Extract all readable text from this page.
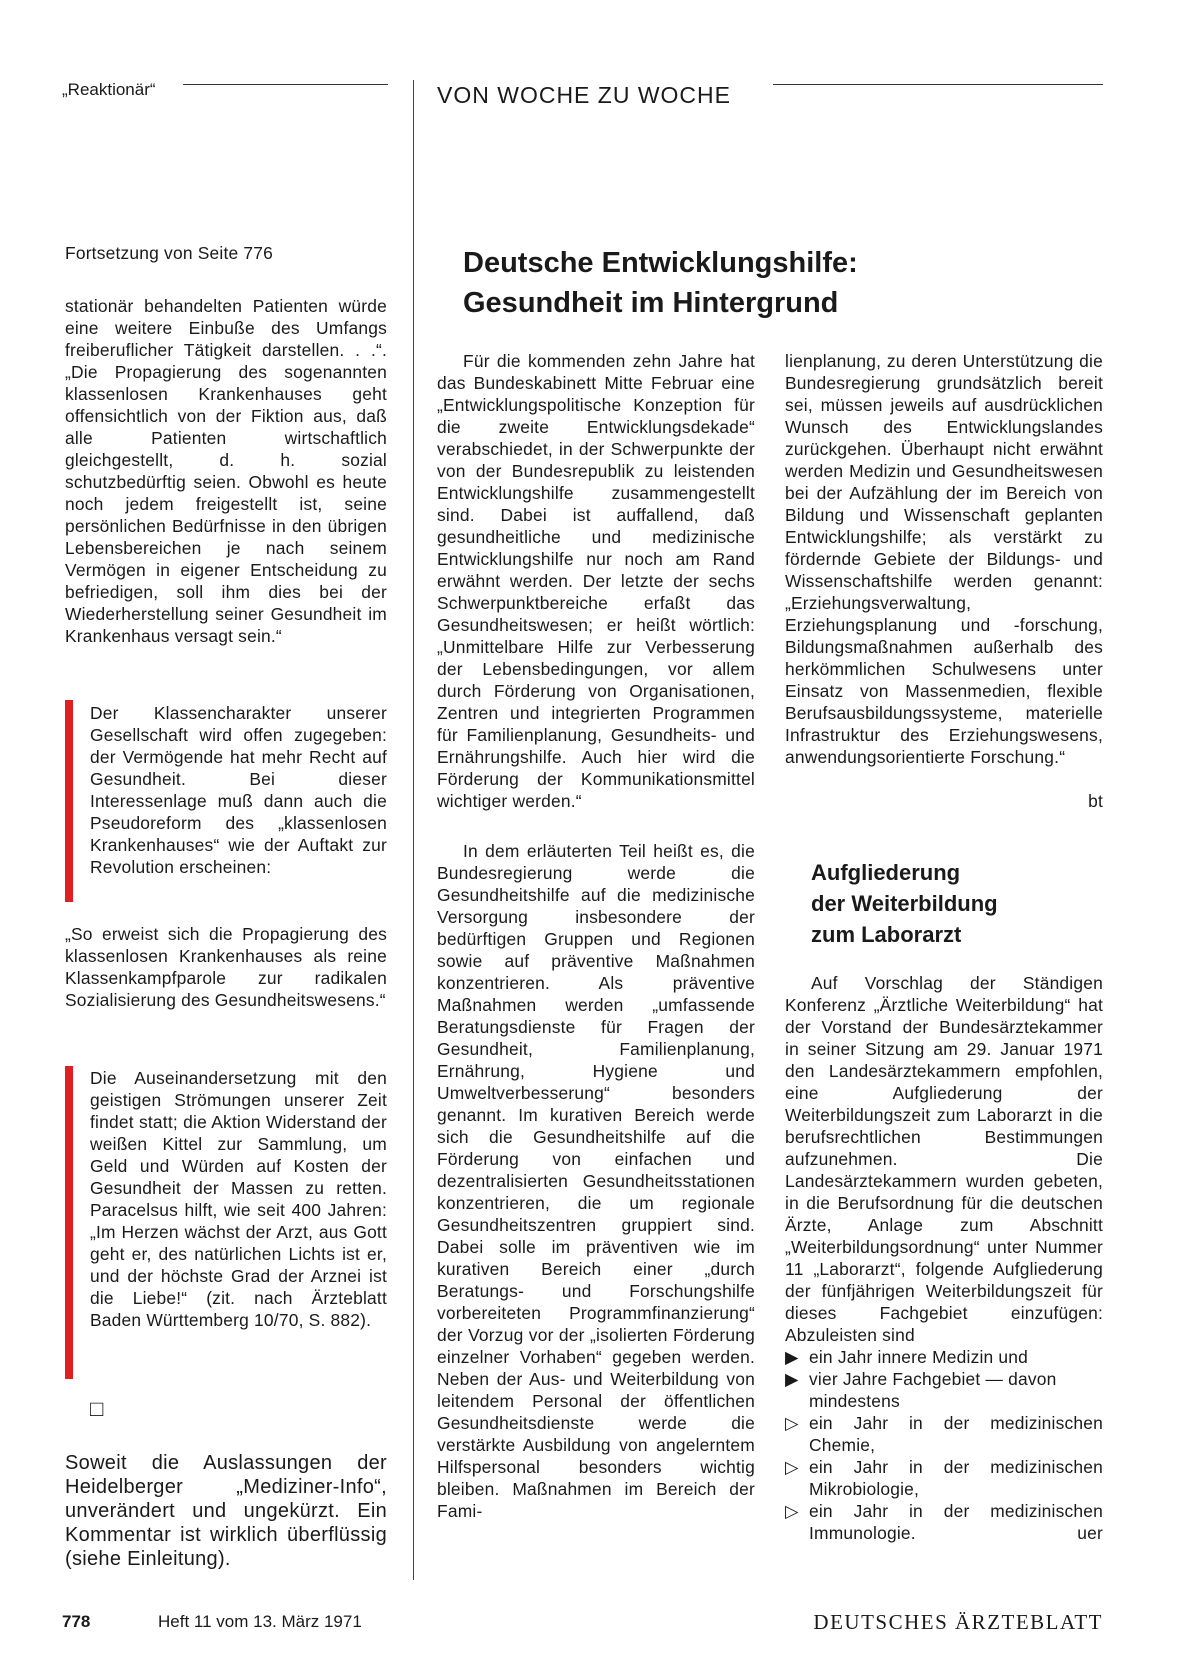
„Reaktionär“	VON WOCHE ZU WOCHE
Fortsetzung von Seite 776

stationär behandelten Patienten würde eine weitere Einbuße des Umfangs freiberuflicher Tätigkeit darstellen. . .“. „Die Propagierung des sogenannten klassenlosen Krankenhauses geht offensichtlich von der Fiktion aus, daß alle Patienten wirtschaftlich gleichgestellt, d. h. sozial schutzbedürftig seien. Obwohl es heute noch jedem freigestellt ist, seine persönlichen Bedürfnisse in den übrigen Lebensbereichen je nach seinem Vermögen in eigener Entscheidung zu befriedigen, soll ihm dies bei der Wiederherstellung seiner Gesundheit im Krankenhaus versagt sein.“

Der Klassencharakter unserer Gesellschaft wird offen zugegeben: der Vermögende hat mehr Recht auf Gesundheit. Bei dieser Interessenlage muß dann auch die Pseudoreform des „klassenlosen Krankenhauses“ wie der Auftakt zur Revolution erscheinen:

„So erweist sich die Propagierung des klassenlosen Krankenhauses als reine Klassenkampfparole zur radikalen Sozialisierung des Gesundheitswesens.“

Die Auseinandersetzung mit den geistigen Strömungen unserer Zeit findet statt; die Aktion Widerstand der weißen Kittel zur Sammlung, um Geld und Würden auf Kosten der Gesundheit der Massen zu retten. Paracelsus hilft, wie seit 400 Jahren: „Im Herzen wächst der Arzt, aus Gott geht er, des natürlichen Lichts ist er, und der höchste Grad der Arznei ist die Liebe!“ (zit. nach Ärzteblatt Baden Württemberg 10/70, S. 882).

□

Soweit die Auslassungen der Heidelberger „Mediziner-Info“, unverändert und ungekürzt. Ein Kommentar ist wirklich überflüssig (siehe Einleitung).

Deutsche Entwicklungshilfe:
Gesundheit im Hintergrund

Für die kommenden zehn Jahre hat das Bundeskabinett Mitte Februar eine „Entwicklungspolitische Konzeption für die zweite Entwicklungsdekade“ verabschiedet, in der Schwerpunkte der von der Bundesrepublik zu leistenden Entwicklungshilfe zusammengestellt sind. Dabei ist auffallend, daß gesundheitliche und medizinische Entwicklungshilfe nur noch am Rand erwähnt werden. Der letzte der sechs Schwerpunktbereiche erfaßt das Gesundheitswesen; er heißt wörtlich: „Unmittelbare Hilfe zur Verbesserung der Lebensbedingungen, vor allem durch Förderung von Organisationen, Zentren und integrierten Programmen für Familienplanung, Gesundheits- und Ernährungshilfe. Auch hier wird die Förderung der Kommunikationsmittel wichtiger werden.“

In dem erläuterten Teil heißt es, die Bundesregierung werde die Gesundheitshilfe auf die medizinische Versorgung insbesondere der bedürftigen Gruppen und Regionen sowie auf präventive Maßnahmen konzentrieren. Als präventive Maßnahmen werden „umfassende Beratungsdienste für Fragen der Gesundheit, Familienplanung, Ernährung, Hygiene und Umweltverbesserung“ besonders genannt. Im kurativen Bereich werde sich die Gesundheitshilfe auf die Förderung von einfachen und dezentralisierten Gesundheitsstationen konzentrieren, die um regionale Gesundheitszentren gruppiert sind. Dabei solle im präventiven wie im kurativen Bereich einer „durch Beratungs- und Forschungshilfe vorbereiteten Programmfinanzierung“ der Vorzug vor der „isolierten Förderung einzelner Vorhaben“ gegeben werden. Neben der Aus- und Weiterbildung von leitendem Personal der öffentlichen Gesundheitsdienste werde die verstärkte Ausbildung von angelerntem Hilfspersonal besonders wichtig bleiben. Maßnahmen im Bereich der Fami-

lienplanung, zu deren Unterstützung die Bundesregierung grundsätzlich bereit sei, müssen jeweils auf ausdrücklichen Wunsch des Entwicklungslandes zurückgehen. Überhaupt nicht erwähnt werden Medizin und Gesundheitswesen bei der Aufzählung der im Bereich von Bildung und Wissenschaft geplanten Entwicklungshilfe; als verstärkt zu fördernde Gebiete der Bildungs- und Wissenschaftshilfe werden genannt: „Erziehungsverwaltung, Erziehungsplanung und -forschung, Bildungsmaßnahmen außerhalb des herkömmlichen Schulwesens unter Einsatz von Massenmedien, flexible Berufsausbildungssysteme, materielle Infrastruktur des Erziehungswesens, anwendungsorientierte Forschung.“

bt
Aufgliederung
der Weiterbildung
zum Laborarzt

Auf Vorschlag der Ständigen Konferenz „Ärztliche Weiterbildung“ hat der Vorstand der Bundesärztekammer in seiner Sitzung am 29. Januar 1971 den Landesärztekammern empfohlen, eine Aufgliederung der Weiterbildungszeit zum Laborarzt in die berufsrechtlichen Bestimmungen aufzunehmen. Die Landesärztekammern wurden gebeten, in die Berufsordnung für die deutschen Ärzte, Anlage zum Abschnitt „Weiterbildungsordnung“ unter Nummer 11 „Laborarzt“, folgende Aufgliederung der fünfjährigen Weiterbildungszeit für dieses Fachgebiet einzufügen: Abzuleisten sind

▶ ein Jahr innere Medizin und
▶ vier Jahre Fachgebiet — davon mindestens
▷ ein Jahr in der medizinischen Chemie,
▷ ein Jahr in der medizinischen Mikrobiologie,
▷ ein Jahr in der medizinischen Immunologie.	uer
778	Heft 11 vom 13. März 1971	DEUTSCHES ÄRZTEBLATT
